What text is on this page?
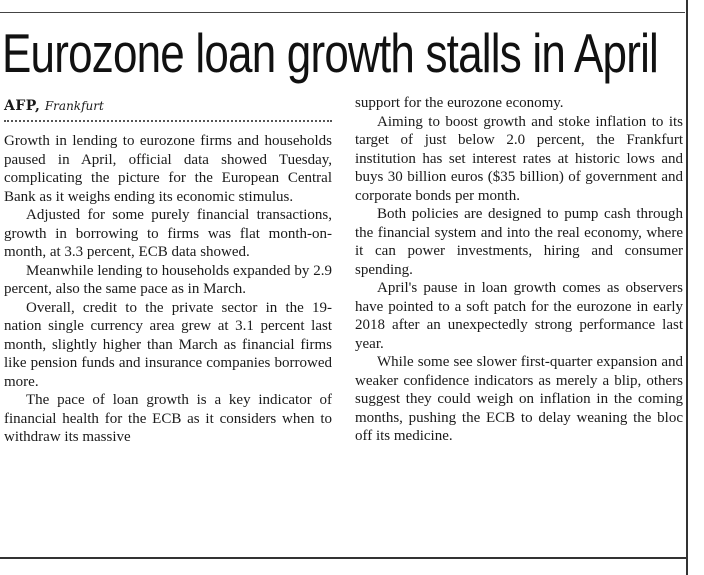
Eurozone loan growth stalls in April
AFP, Frankfurt

Growth in lending to eurozone firms and households paused in April, official data showed Tuesday, complicating the picture for the European Central Bank as it weighs ending its economic stimulus.

Adjusted for some purely financial transactions, growth in borrowing to firms was flat month-on-month, at 3.3 percent, ECB data showed.

Meanwhile lending to households expanded by 2.9 percent, also the same pace as in March.

Overall, credit to the private sector in the 19-nation single currency area grew at 3.1 percent last month, slightly higher than March as financial firms like pension funds and insurance companies borrowed more.

The pace of loan growth is a key indicator of financial health for the ECB as it considers when to withdraw its massive

support for the eurozone economy.

Aiming to boost growth and stoke inflation to its target of just below 2.0 percent, the Frankfurt institution has set interest rates at historic lows and buys 30 billion euros ($35 billion) of government and corporate bonds per month.

Both policies are designed to pump cash through the financial system and into the real economy, where it can power investments, hiring and consumer spending.

April's pause in loan growth comes as observers have pointed to a soft patch for the eurozone in early 2018 after an unexpectedly strong performance last year.

While some see slower first-quarter expansion and weaker confidence indicators as merely a blip, others suggest they could weigh on inflation in the coming months, pushing the ECB to delay weaning the bloc off its medicine.
